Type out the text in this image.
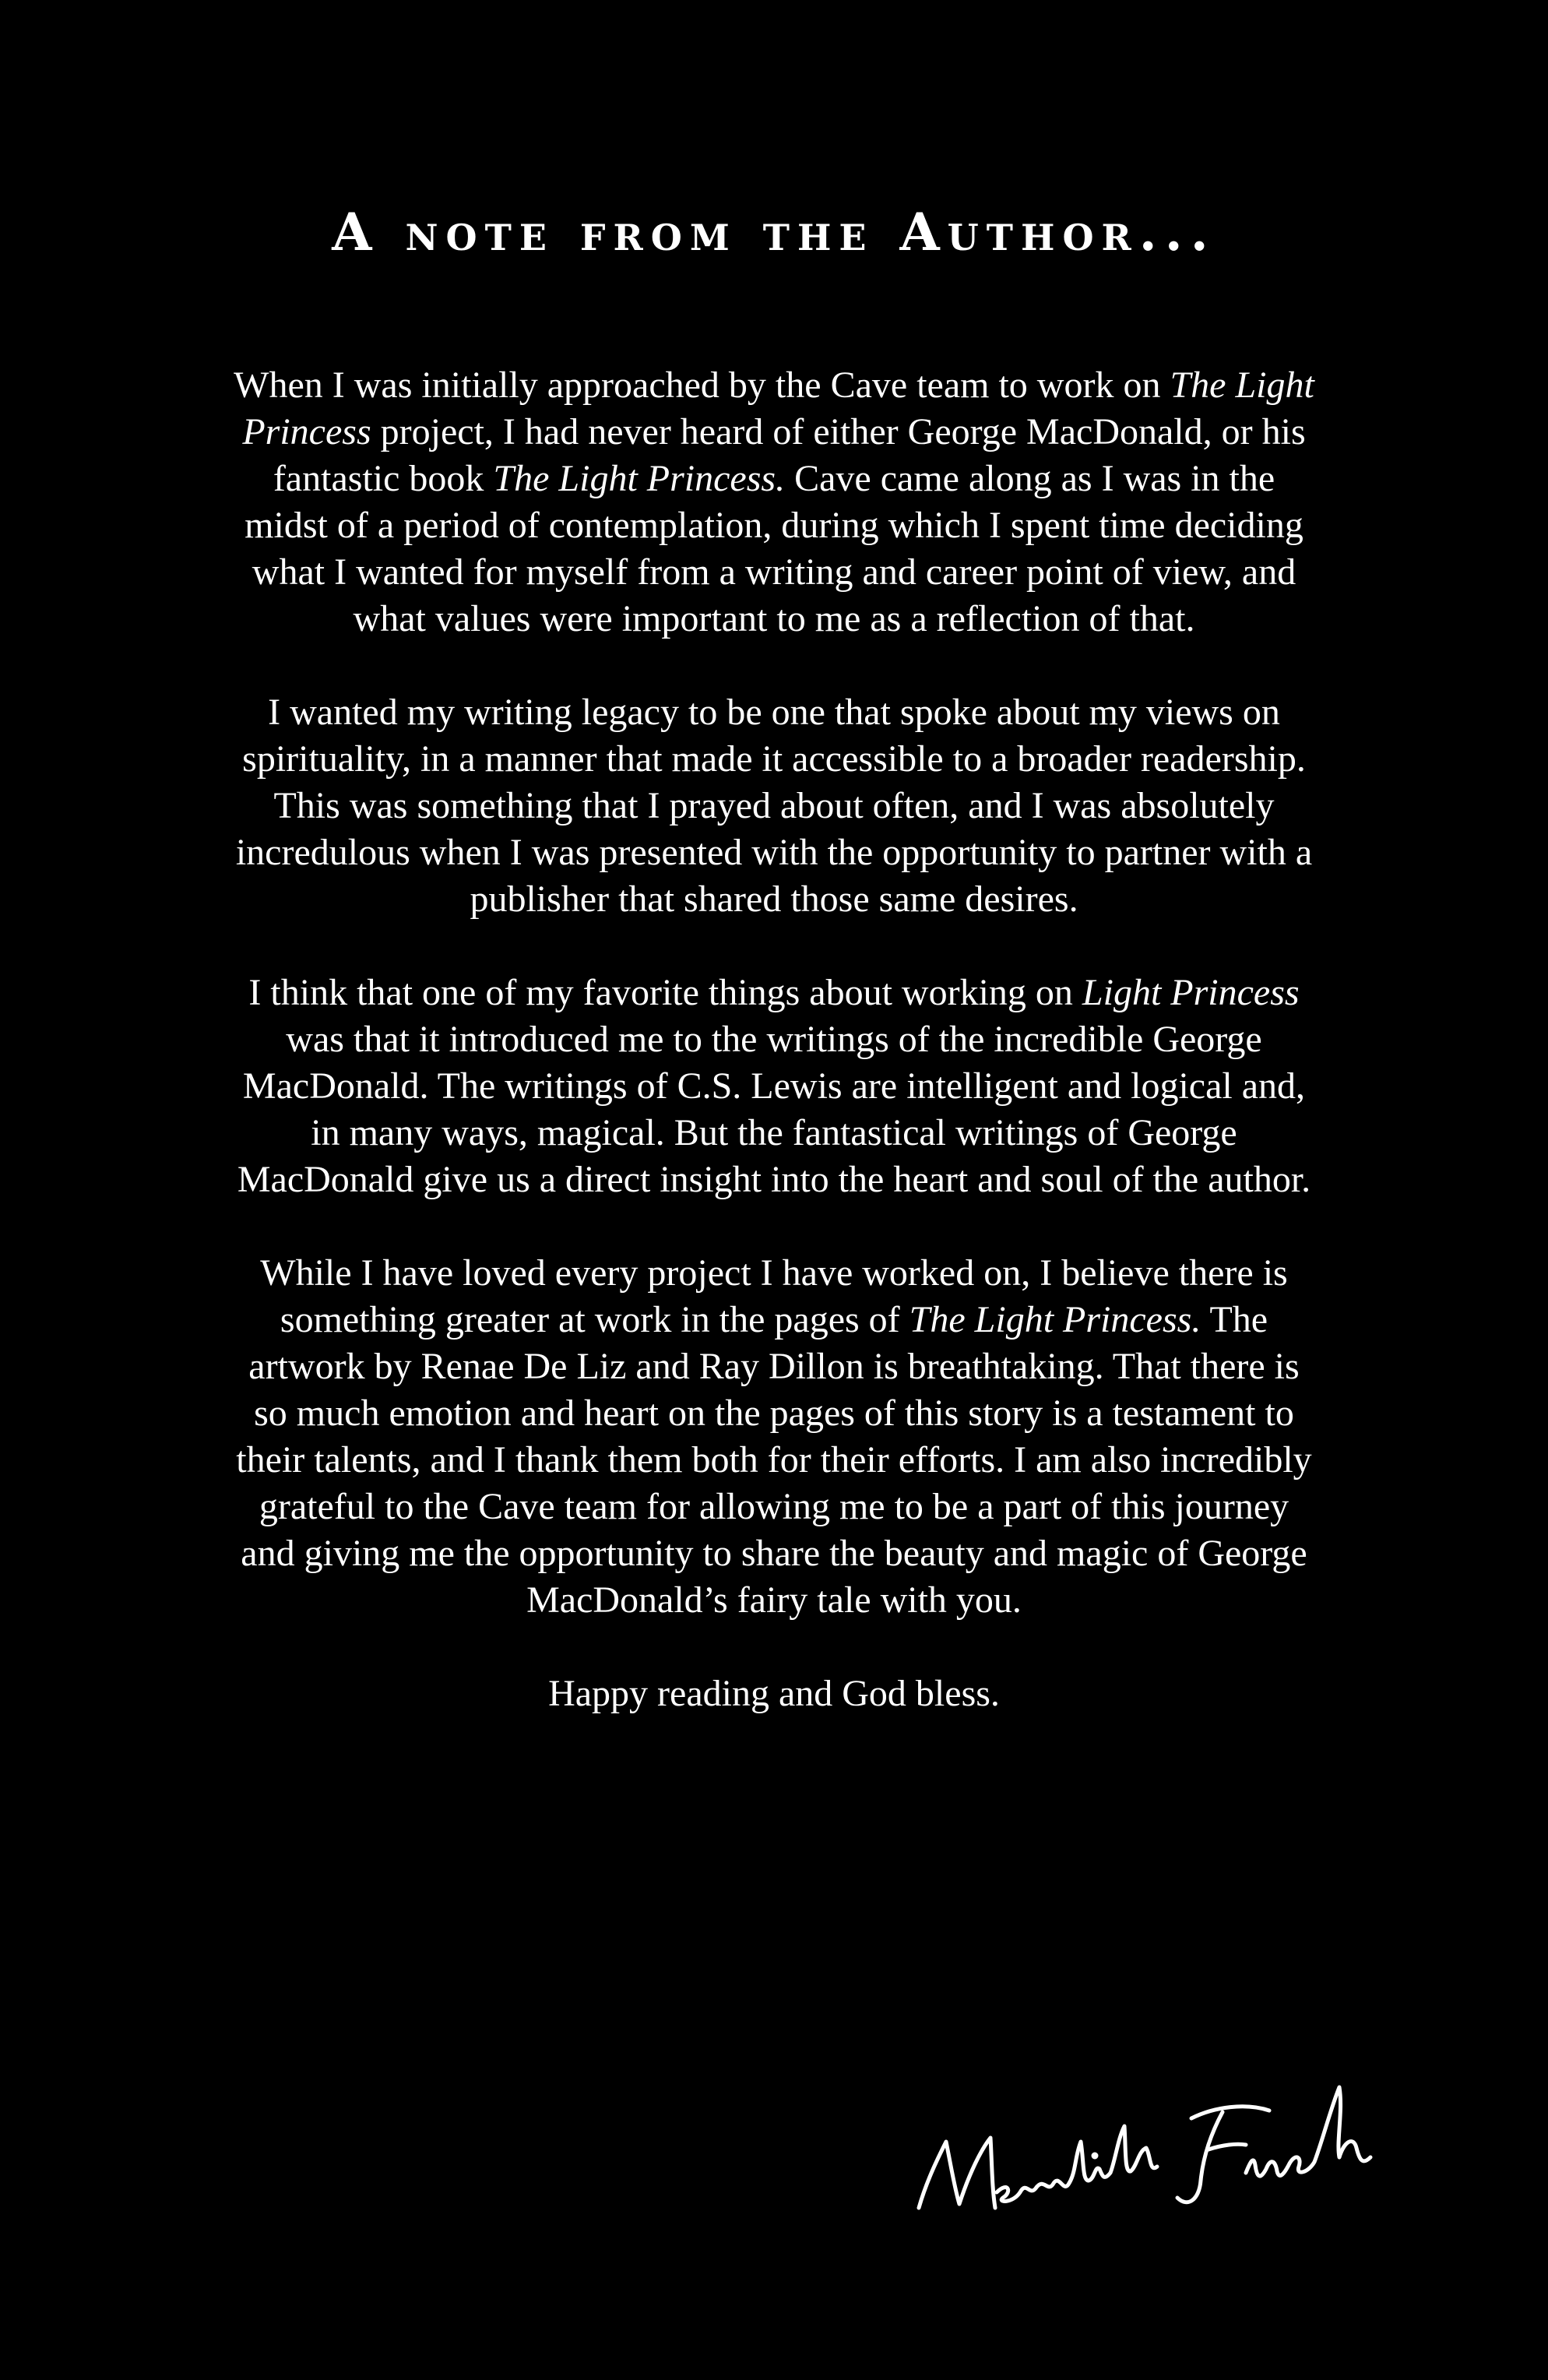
A note from the Author...

When I was initially approached by the Cave team to work on The Light Princess project, I had never heard of either George MacDonald, or his fantastic book The Light Princess. Cave came along as I was in the midst of a period of contemplation, during which I spent time deciding what I wanted for myself from a writing and career point of view, and what values were important to me as a reflection of that.

I wanted my writing legacy to be one that spoke about my views on spirituality, in a manner that made it accessible to a broader readership. This was something that I prayed about often, and I was absolutely incredulous when I was presented with the opportunity to partner with a publisher that shared those same desires.

I think that one of my favorite things about working on Light Princess was that it introduced me to the writings of the incredible George MacDonald. The writings of C.S. Lewis are intelligent and logical and, in many ways, magical. But the fantastical writings of George MacDonald give us a direct insight into the heart and soul of the author.

While I have loved every project I have worked on, I believe there is something greater at work in the pages of The Light Princess. The artwork by Renae De Liz and Ray Dillon is breathtaking. That there is so much emotion and heart on the pages of this story is a testament to their talents, and I thank them both for their efforts. I am also incredibly grateful to the Cave team for allowing me to be a part of this journey and giving me the opportunity to share the beauty and magic of George MacDonald’s fairy tale with you.

Happy reading and God bless.
